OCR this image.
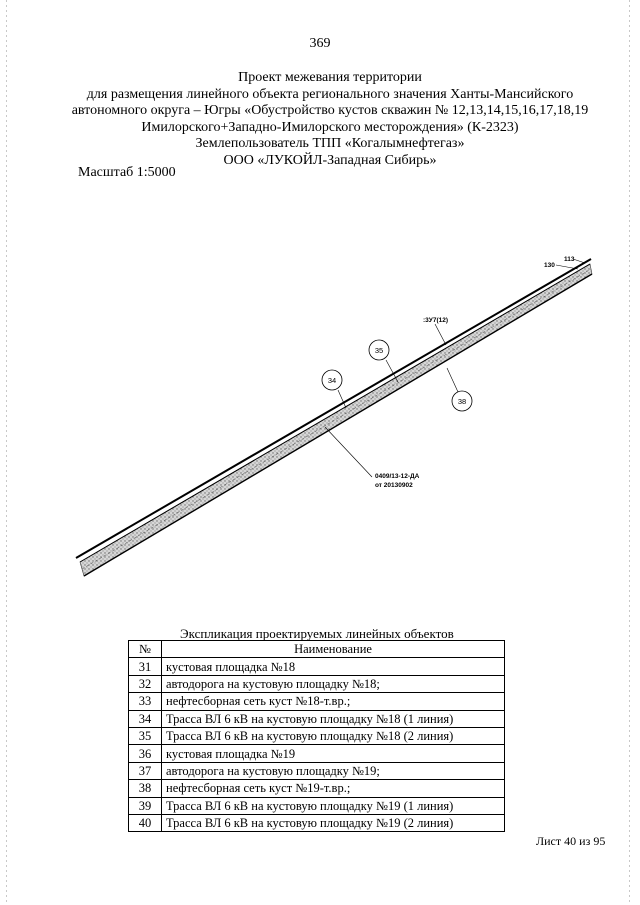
369
Проект межевания территории
для размещения линейного объекта регионального значения Ханты-Мансийского
автономного округа – Югры «Обустройство кустов скважин № 12,13,14,15,16,17,18,19
Имилорского+Западно-Имилорского месторождения» (К-2323)
Землепользователь ТПП «Когалымнефтегаз»
ООО «ЛУКОЙЛ-Западная Сибирь»
Масштаб 1:5000
130
113
:3У7(12)
35
34
38
0409/13-12-ДА
от 20130902
Экспликация проектируемых линейных объектов
№	Наименование
31	кустовая площадка №18
32	автодорога на кустовую площадку №18;
33	нефтесборная сеть куст №18-т.вр.;
34	Трасса ВЛ 6 кВ на кустовую площадку №18 (1 линия)
35	Трасса ВЛ 6 кВ на кустовую площадку №18 (2 линия)
36	кустовая площадка №19
37	автодорога на кустовую площадку №19;
38	нефтесборная сеть куст №19-т.вр.;
39	Трасса ВЛ 6 кВ на кустовую площадку №19 (1 линия)
40	Трасса ВЛ 6 кВ на кустовую площадку №19 (2 линия)
Лист 40 из 95
